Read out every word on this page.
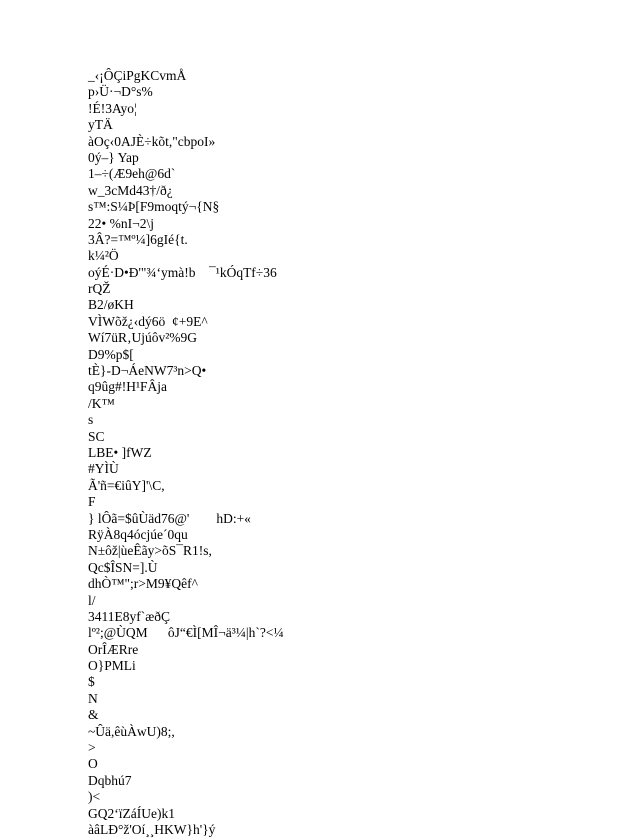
_‹¡ÔÇiPgKCvmÅ
p›Ü·¬D°s%
!É!3Ayo¦
yTÄ
àOç‹0AJÈ÷kõt,"cbpoI»
0ý–} Yap
1–÷(Æ9eh@6d`
w_3cMd43†/ð¿
s™:S¼Þ[F9moqtý¬{N§
22• %nI¬2\j
3Â?=™º¼]6gIé{t.
k¼²Ö
oýÉ·D•Ð'"¾‘ymà!b    ¯¹kÓqTf÷36
rQŽ
B2/øKH
VÌWõž¿‹dý6ö  ¢+9E^
Wí7üR‚Ujúôv²%9G
D9%p$[
tÈ}-D¬ÁeNW7³n>Q•
q9ûg#!H¹FÂja
/K™
s
SC
LBE• ]fWZ
#YÌÙ
Ã'ñ=€iûY]'\C,
F
} lÔã=$ûÙäd76@'        hD:+«
RÿÀ8q4ócjúe´0qu
N±ôž|ùeÊãy>õS¯R1!s,
Qc$ÎSN=].Ù
dhÒ™";r>M9¥Qêf^
l/
3411E8yf`æðÇ
lº²;@ÙQM      ôJ“€Ì[MÎ¬ä³¼|h`?<¼
OrÎÆRre
O}PMLi
$
N
&
~Ûä,êùÀwU)8;,
>
O
Dqbhú7
)<
GQ2‘ïZáÍUe)k1
àâLÐ°ž'Oí¸¸HKW}h'}ý
